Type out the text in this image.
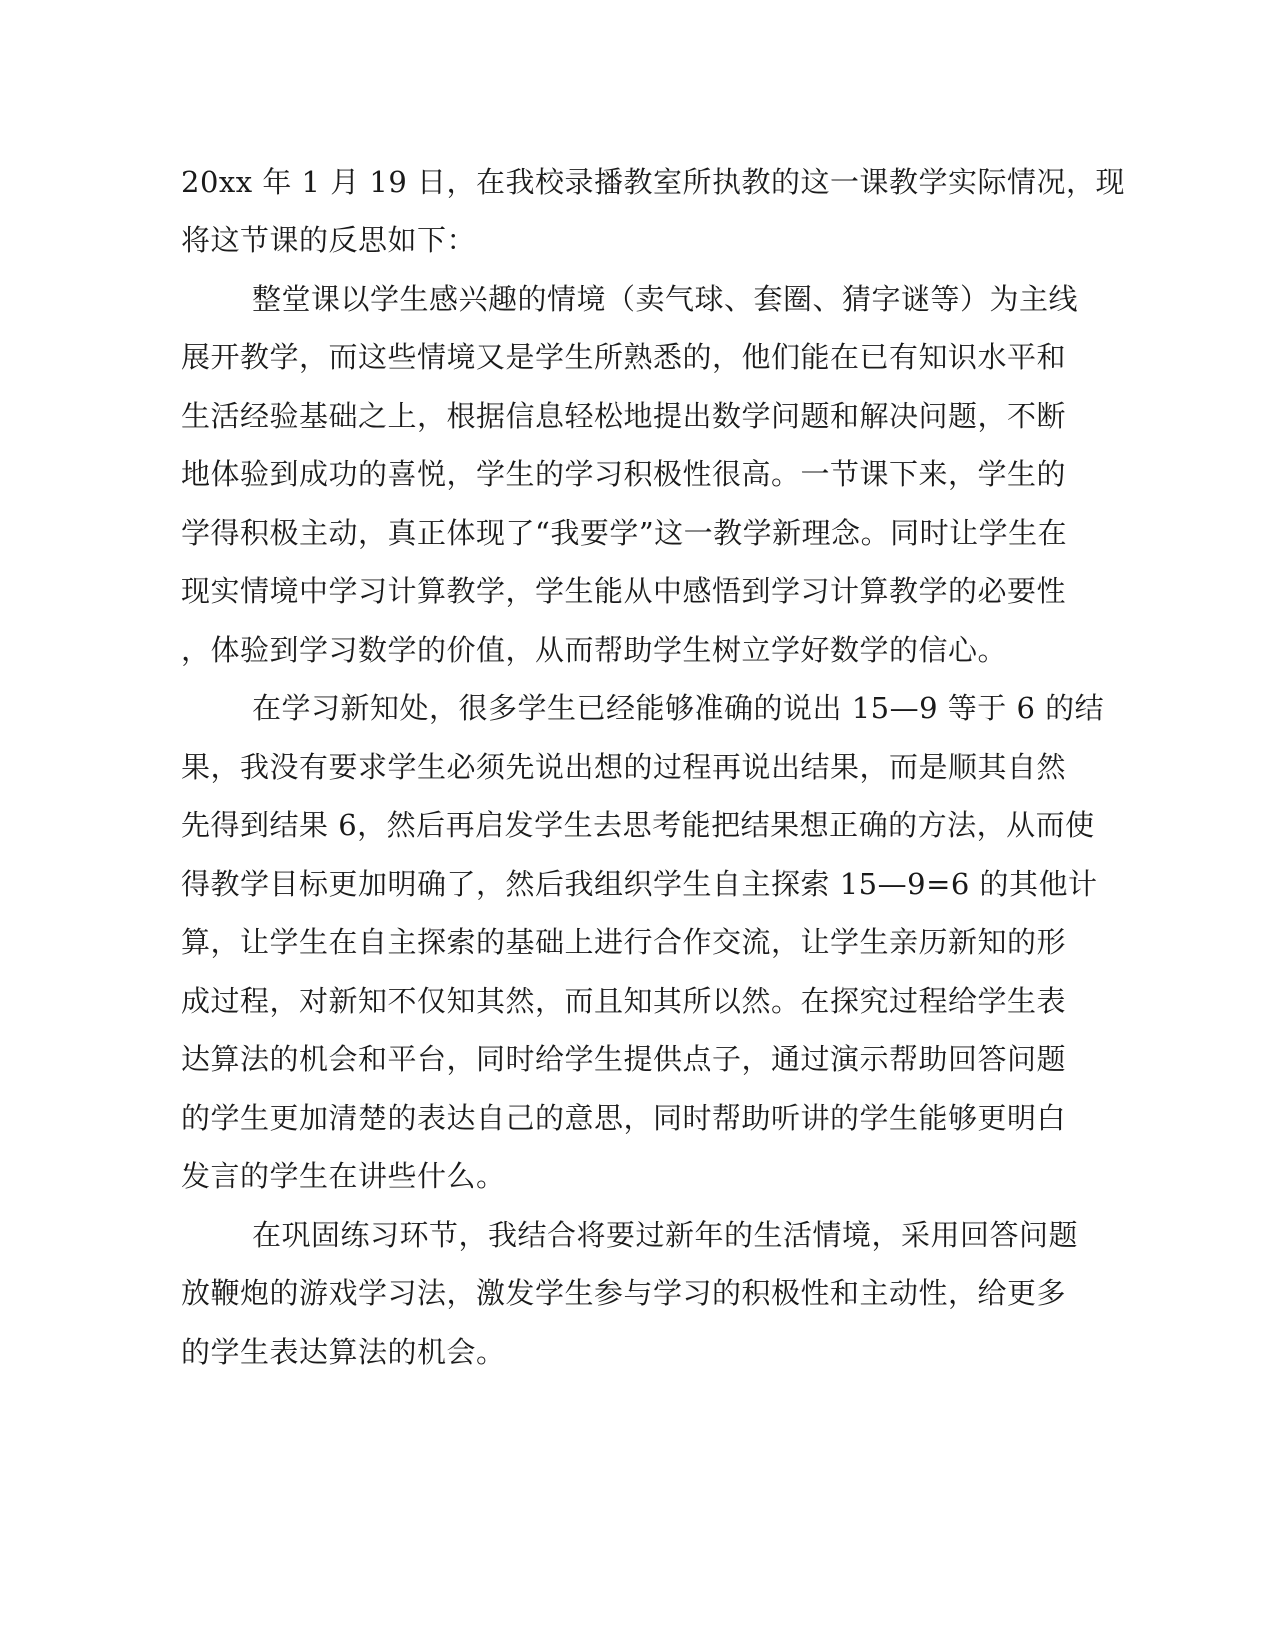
20xx 年 1 月 19 日，在我校录播教室所执教的这一课教学实际情况，现
将这节课的反思如下：
整堂课以学生感兴趣的情境（卖气球、套圈、猜字谜等）为主线
展开教学，而这些情境又是学生所熟悉的，他们能在已有知识水平和
生活经验基础之上，根据信息轻松地提出数学问题和解决问题，不断
地体验到成功的喜悦，学生的学习积极性很高。一节课下来，学生的
学得积极主动，真正体现了“我要学”这一教学新理念。同时让学生在
现实情境中学习计算教学，学生能从中感悟到学习计算教学的必要性
，体验到学习数学的价值，从而帮助学生树立学好数学的信心。
在学习新知处，很多学生已经能够准确的说出 15—9 等于 6 的结
果，我没有要求学生必须先说出想的过程再说出结果，而是顺其自然
先得到结果 6，然后再启发学生去思考能把结果想正确的方法，从而使
得教学目标更加明确了，然后我组织学生自主探索 15—9=6 的其他计
算，让学生在自主探索的基础上进行合作交流，让学生亲历新知的形
成过程，对新知不仅知其然，而且知其所以然。在探究过程给学生表
达算法的机会和平台，同时给学生提供点子，通过演示帮助回答问题
的学生更加清楚的表达自己的意思，同时帮助听讲的学生能够更明白
发言的学生在讲些什么。
在巩固练习环节，我结合将要过新年的生活情境，采用回答问题
放鞭炮的游戏学习法，激发学生参与学习的积极性和主动性，给更多
的学生表达算法的机会。
